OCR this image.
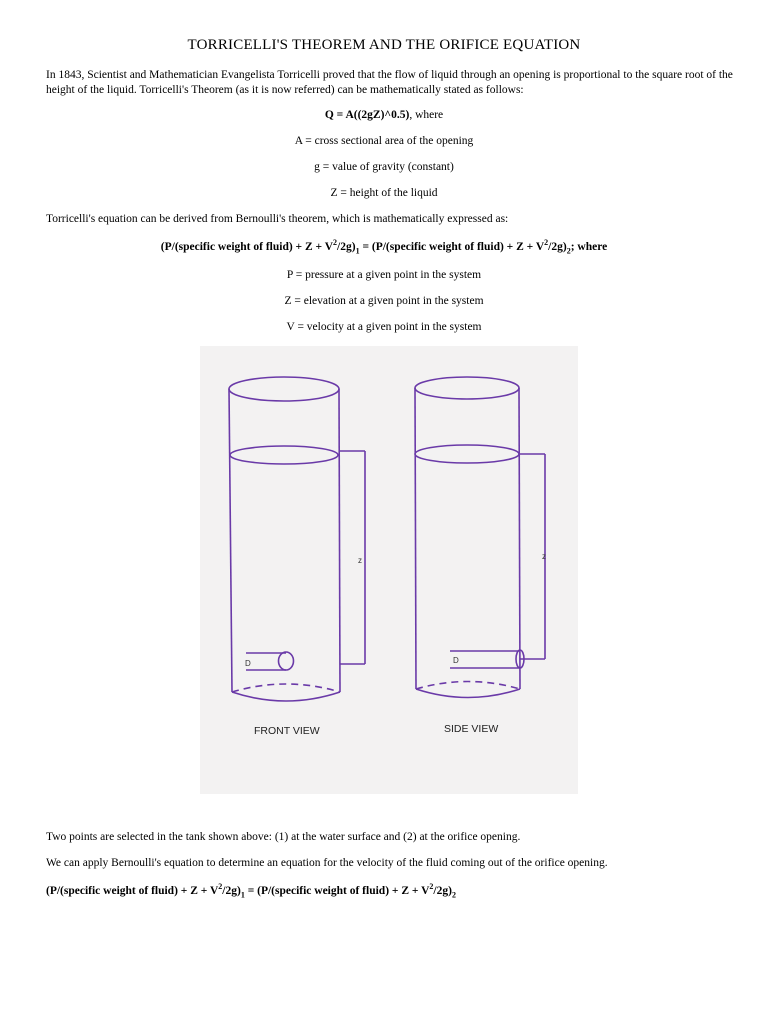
TORRICELLI'S THEOREM AND THE ORIFICE EQUATION
In 1843, Scientist and Mathematician Evangelista Torricelli proved that the flow of liquid through an opening is proportional to the square root of the height of the liquid. Torricelli's Theorem (as it is now referred) can be mathematically stated as follows:
Q = A((2gZ)^0.5), where
A = cross sectional area of the opening
g = value of gravity (constant)
Z = height of the liquid
Torricelli's equation can be derived from Bernoulli's theorem, which is mathematically expressed as:
(P/(specific weight of fluid) + $Z + V^2/2g)_1$ = (P/(specific weight of fluid) + $Z + V^2/2g)_2$; where
P = pressure at a given point in the system
Z = elevation at a given point in the system
V = velocity at a given point in the system
z	z
D	D
FRONT VIEW	SIDE VIEW
Two points are selected in the tank shown above: (1) at the water surface and (2) at the orifice opening.
We can apply Bernoulli's equation to determine an equation for the velocity of the fluid coming out of the orifice opening.
(P/(specific weight of fluid) + $Z + V^2/2g)_1$ = (P/(specific weight of fluid) + $Z + V^2/2g)_2$
